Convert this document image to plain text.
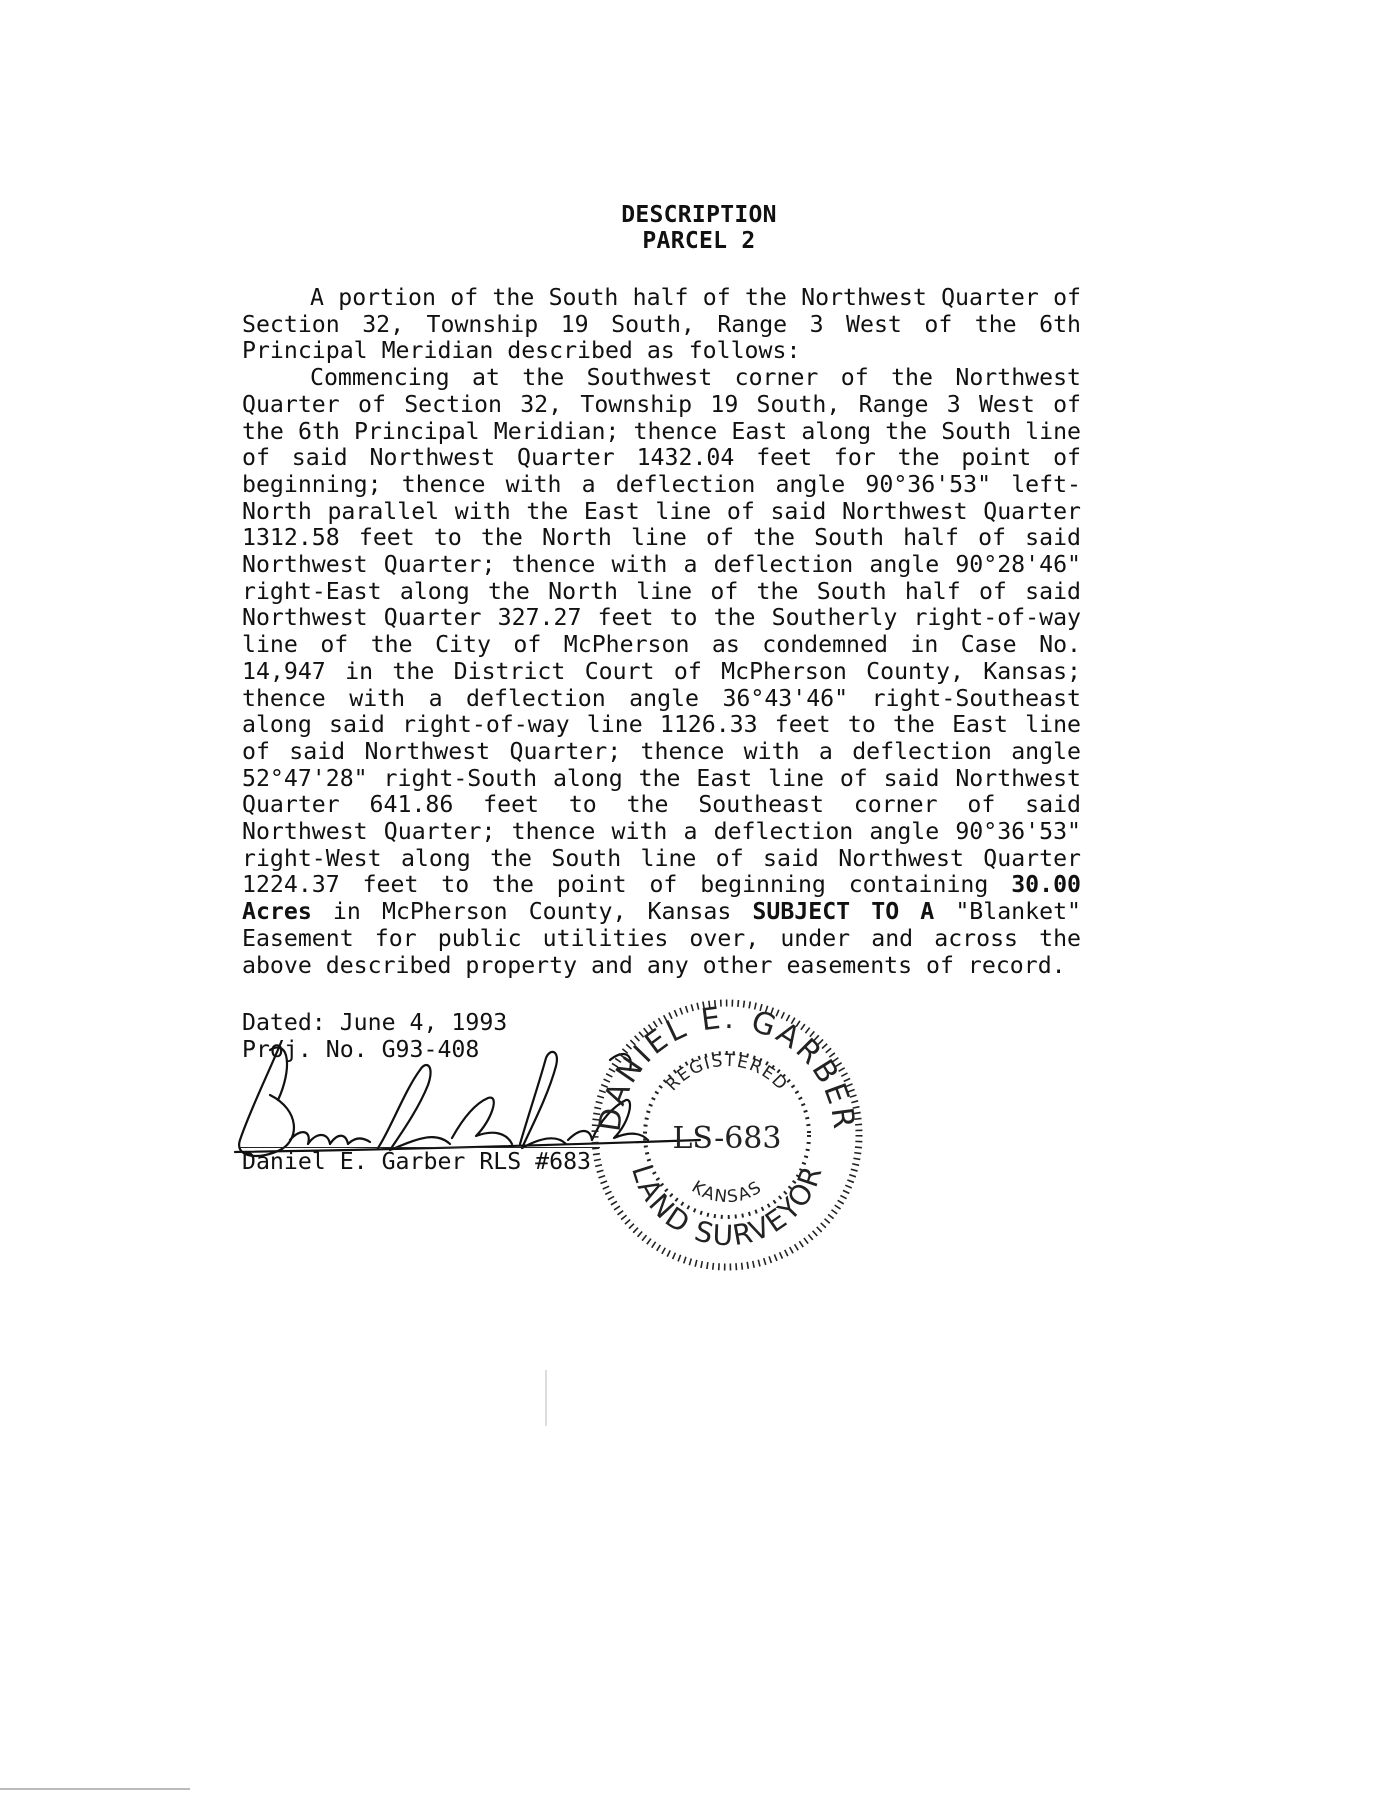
DESCRIPTION
PARCEL 2

A portion of the South half of the Northwest Quarter of Section 32, Township 19 South, Range 3 West of the 6th Principal Meridian described as follows:

Commencing at the Southwest corner of the Northwest Quarter of Section 32, Township 19 South, Range 3 West of the 6th Principal Meridian; thence East along the South line of said Northwest Quarter 1432.04 feet for the point of beginning; thence with a deflection angle 90°36'53" left-North parallel with the East line of said Northwest Quarter 1312.58 feet to the North line of the South half of said Northwest Quarter; thence with a deflection angle 90°28'46" right-East along the North line of the South half of said Northwest Quarter 327.27 feet to the Southerly right-of-way line of the City of McPherson as condemned in Case No. 14,947 in the District Court of McPherson County, Kansas; thence with a deflection angle 36°43'46" right-Southeast along said right-of-way line 1126.33 feet to the East line of said Northwest Quarter; thence with a deflection angle 52°47'28" right-South along the East line of said Northwest Quarter 641.86 feet to the Southeast corner of said Northwest Quarter; thence with a deflection angle 90°36'53" right-West along the South line of said Northwest Quarter 1224.37 feet to the point of beginning containing 30.00 Acres in McPherson County, Kansas SUBJECT TO A "Blanket" Easement for public utilities over, under and across the above described property and any other easements of record.

Dated: June 4, 1993
Proj. No. G93-408
Daniel E. Garber RLS #683
DANIEL E. GARBER
LAND SURVEYOR
REGISTERED
KANSAS
LS-683
